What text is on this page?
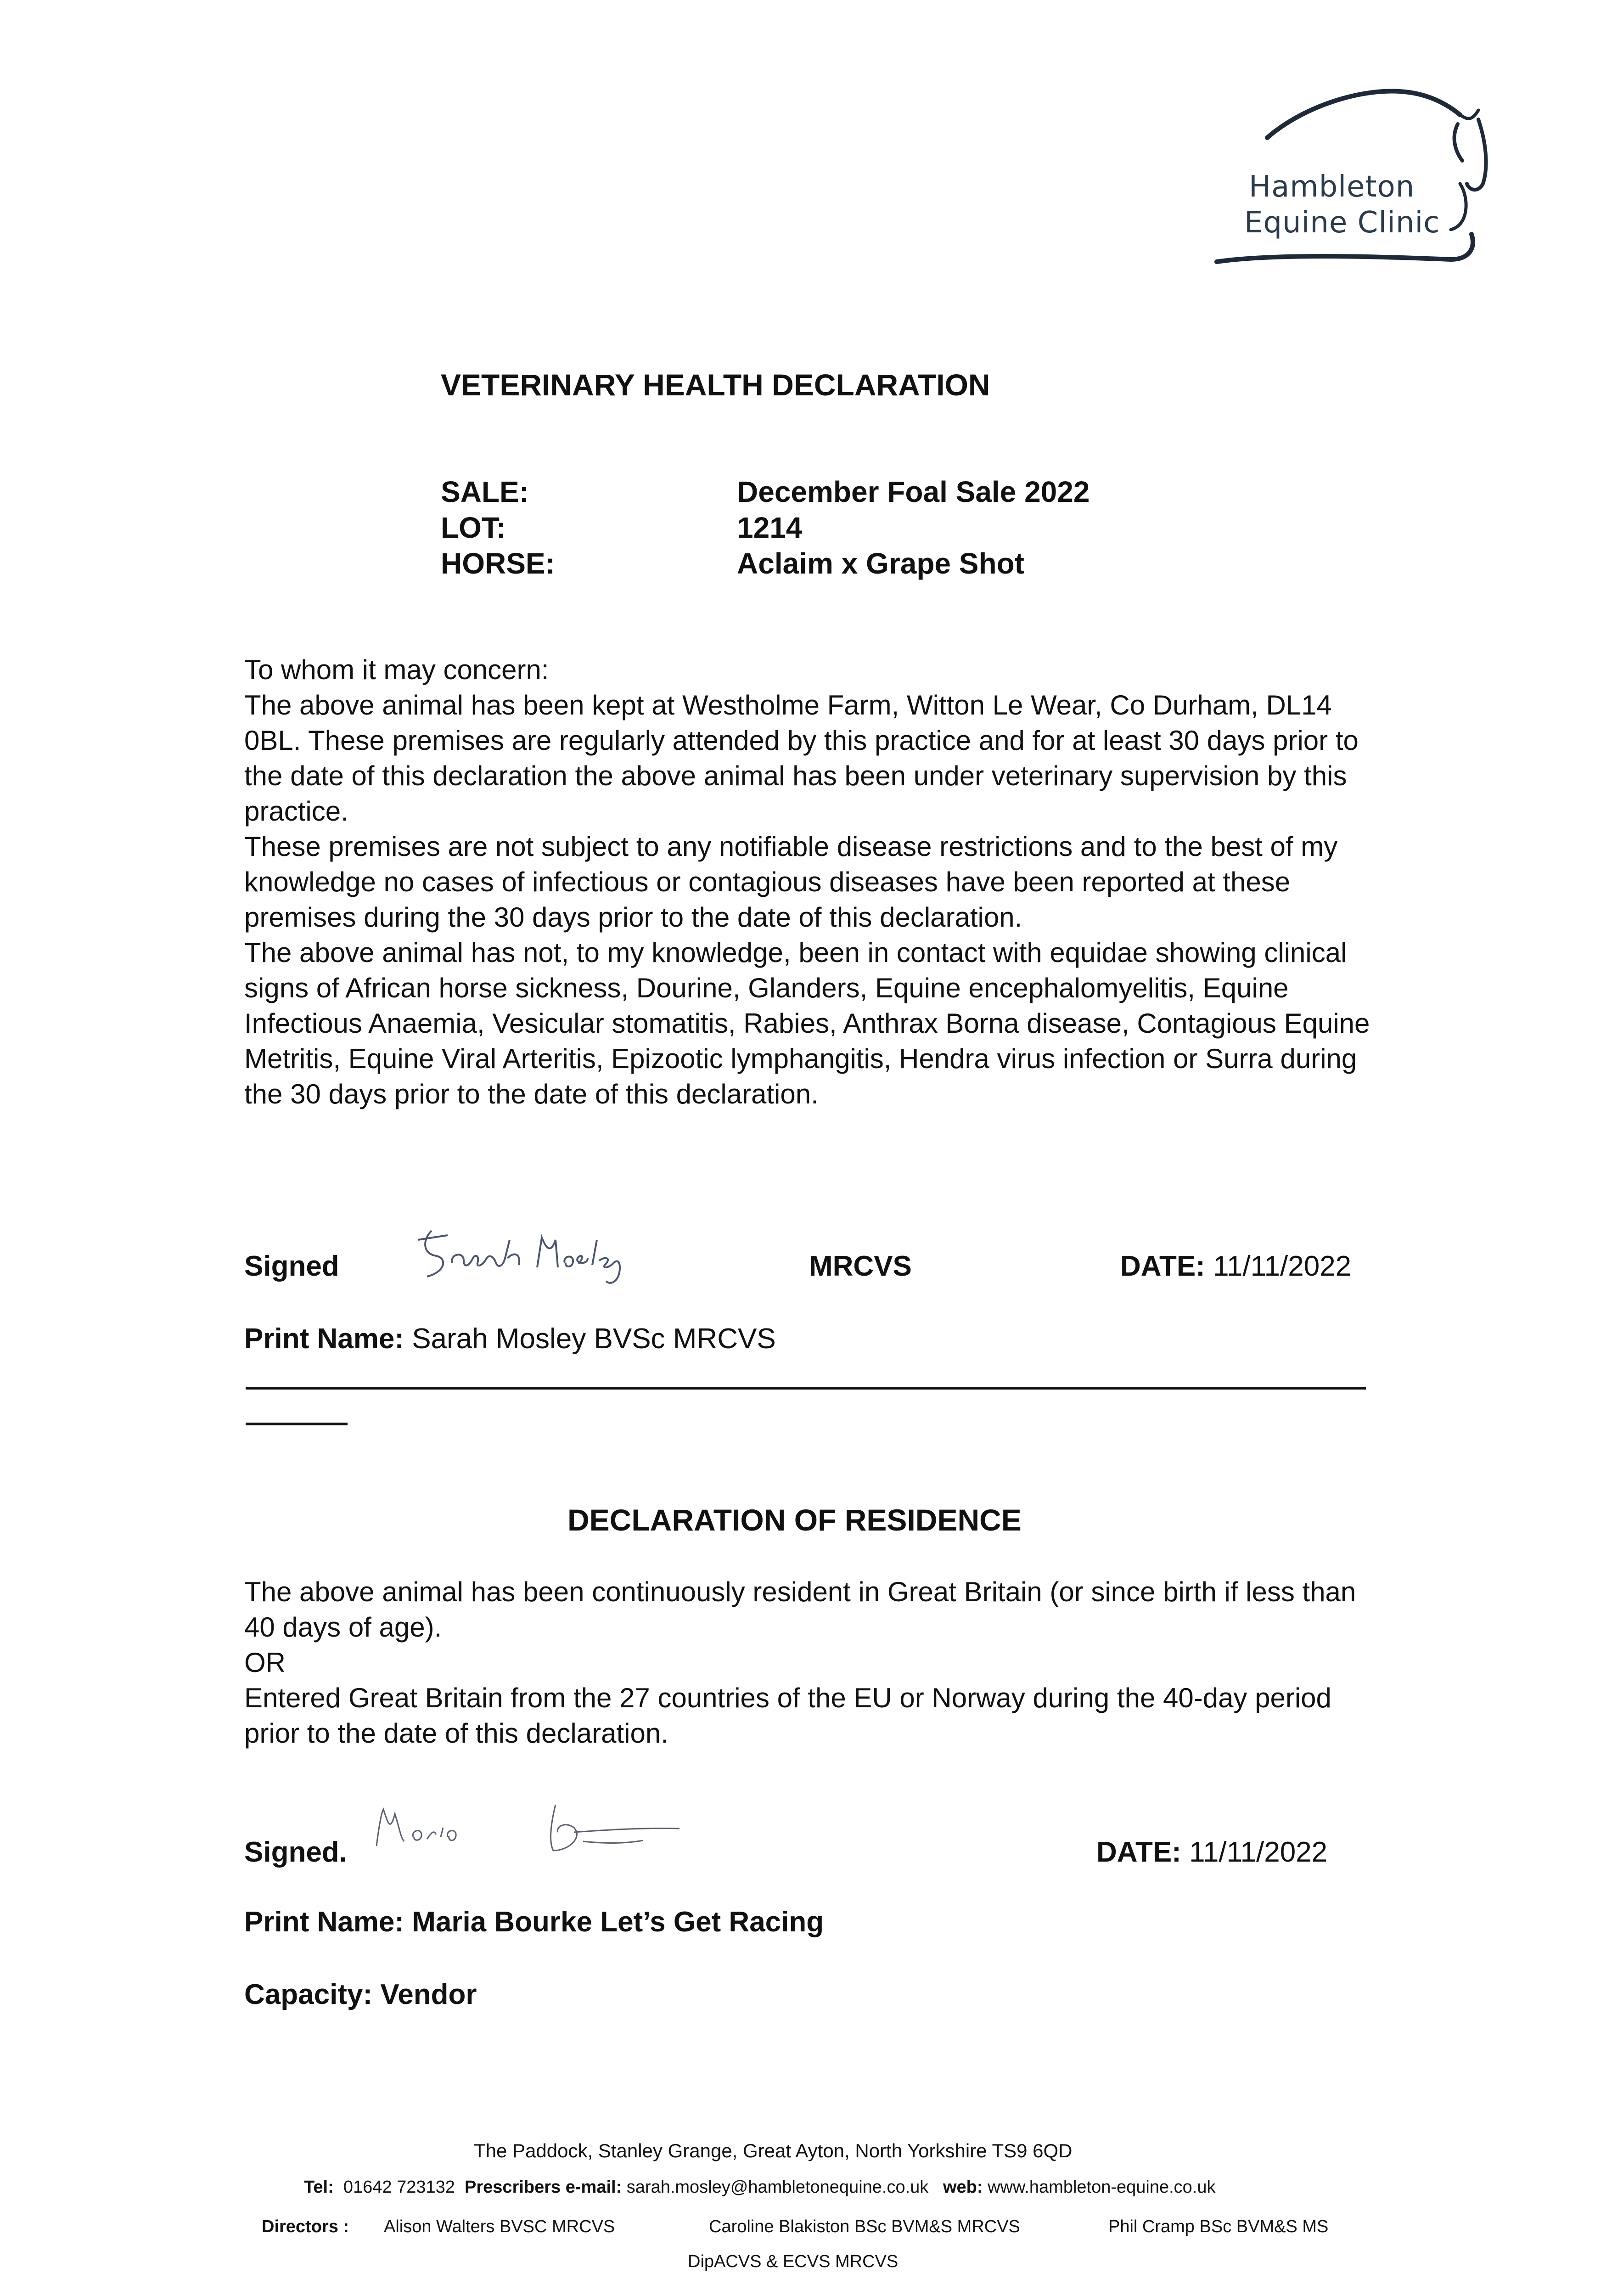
Hambleton
Equine Clinic
VETERINARY HEALTH DECLARATION
SALE:	December Foal Sale 2022
LOT:	1214
HORSE:	Aclaim x Grape Shot

To whom it may concern:

The above animal has been kept at Westholme Farm, Witton Le Wear, Co Durham, DL14 0BL. These premises are regularly attended by this practice and for at least 30 days prior to the date of this declaration the above animal has been under veterinary supervision by this practice.

These premises are not subject to any notifiable disease restrictions and to the best of my knowledge no cases of infectious or contagious diseases have been reported at these premises during the 30 days prior to the date of this declaration.

The above animal has not, to my knowledge, been in contact with equidae showing clinical signs of African horse sickness, Dourine, Glanders, Equine encephalomyelitis, Equine Infectious Anaemia, Vesicular stomatitis, Rabies, Anthrax Borna disease, Contagious Equine Metritis, Equine Viral Arteritis, Epizootic lymphangitis, Hendra virus infection or Surra during the 30 days prior to the date of this declaration.

Signed	MRCVS	DATE: 11/11/2022
Print Name: Sarah Mosley BVSc MRCVS
DECLARATION OF RESIDENCE

The above animal has been continuously resident in Great Britain (or since birth if less than 40 days of age).

OR

Entered Great Britain from the 27 countries of the EU or Norway during the 40-day period prior to the date of this declaration.

Signed.	DATE: 11/11/2022
Print Name: Maria Bourke Let’s Get Racing
Capacity: Vendor
The Paddock, Stanley Grange, Great Ayton, North Yorkshire TS9 6QD
Tel: 01642 723132 Prescribers e-mail: sarah.mosley@hambletonequine.co.uk web: www.hambleton-equine.co.uk
Directors : Alison Walters BVSC MRCVS	Caroline Blakiston BSc BVM&S MRCVS	Phil Cramp BSc BVM&S MS
DipACVS & ECVS MRCVS
